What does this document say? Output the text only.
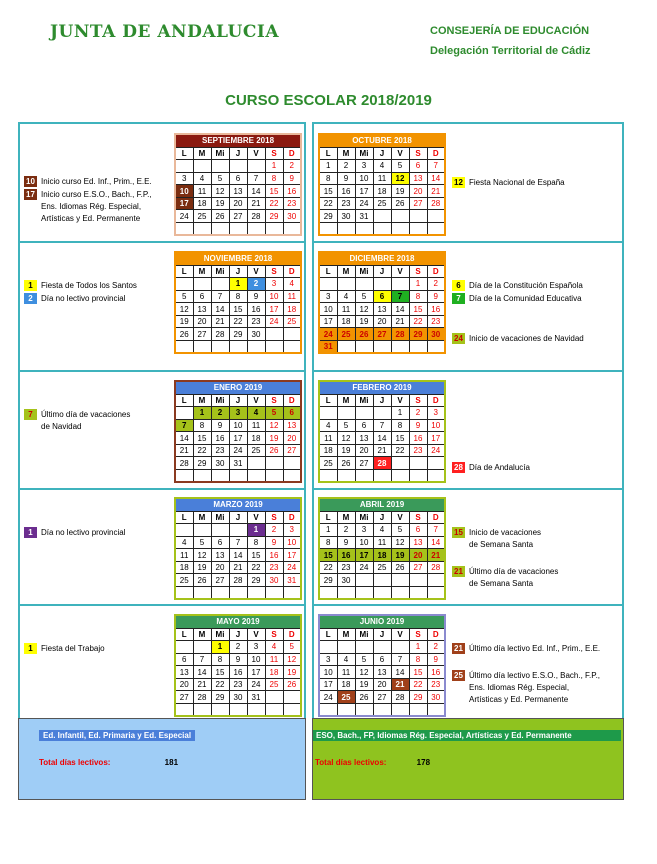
JUNTA DE ANDALUCIA	CONSEJERÍA DE EDUCACIÓN
Delegación Territorial de Cádiz
CURSO ESCOLAR 2018/2019
SEPTIEMBRE 2018						
L	M	Mi	J	V	S	D
					1	2
3	4	5	6	7	8	9
10	11	12	13	14	15	16
17	18	19	20	21	22	23
24	25	26	27	28	29	30

OCTUBRE 2018						
L	M	Mi	J	V	S	D
1	2	3	4	5	6	7
8	9	10	11	12	13	14
15	16	17	18	19	20	21
22	23	24	25	26	27	28
29	30	31				

NOVIEMBRE 2018						
L	M	Mi	J	V	S	D
			1	2	3	4
5	6	7	8	9	10	11
12	13	14	15	16	17	18
19	20	21	22	23	24	25
26	27	28	29	30		

DICIEMBRE 2018						
L	M	Mi	J	V	S	D
					1	2
3	4	5	6	7	8	9
10	11	12	13	14	15	16
17	18	19	20	21	22	23
24	25	26	27	28	29	30
31						
ENERO 2019						
L	M	Mi	J	V	S	D
	1	2	3	4	5	6
7	8	9	10	11	12	13
14	15	16	17	18	19	20
21	22	23	24	25	26	27
28	29	30	31			

FEBRERO 2019						
L	M	Mi	J	V	S	D
				1	2	3
4	5	6	7	8	9	10
11	12	13	14	15	16	17
18	19	20	21	22	23	24
25	26	27	28			

MARZO 2019						
L	M	Mi	J	V	S	D
				1	2	3
4	5	6	7	8	9	10
11	12	13	14	15	16	17
18	19	20	21	22	23	24
25	26	27	28	29	30	31

ABRIL 2019						
L	M	Mi	J	V	S	D
1	2	3	4	5	6	7
8	9	10	11	12	13	14
15	16	17	18	19	20	21
22	23	24	25	26	27	28
29	30					

MAYO 2019						
L	M	Mi	J	V	S	D
		1	2	3	4	5
6	7	8	9	10	11	12
13	14	15	16	17	18	19
20	21	22	23	24	25	26
27	28	29	30	31		

JUNIO 2019						
L	M	Mi	J	V	S	D
					1	2
3	4	5	6	7	8	9
10	11	12	13	14	15	16
17	18	19	20	21	22	23
24	25	26	27	28	29	30

10 Inicio curso Ed. Inf., Prim., E.E.
17 Inicio curso E.S.O., Bach., F.P.,
Ens. Idiomas Rég. Especial,
Artísticas y Ed. Permanente
12 Fiesta Nacional de España
1 Fiesta de Todos los Santos
2 Día no lectivo provincial
6 Día de la Constitución Española
7 Día de la Comunidad Educativa
24 Inicio de vacaciones de Navidad
7 Último día de vacaciones
de Navidad
28 Día de Andalucía
1 Día no lectivo provincial	15 Inicio de vacaciones
de Semana Santa
21 Último día de vacaciones
de Semana Santa
1 Fiesta del Trabajo	21 Último día lectivo Ed. Inf., Prim., E.E.
25 Último día lectivo E.S.O., Bach., F.P.,
Ens. Idiomas Rég. Especial,
Artísticas y Ed. Permanente
Ed. Infantil, Ed. Primaria y Ed. Especial
Total días lectivos:	181
ESO, Bach., FP, Idiomas Rég. Especial, Artísticas y Ed. Permanente
Total días lectivos:	178
